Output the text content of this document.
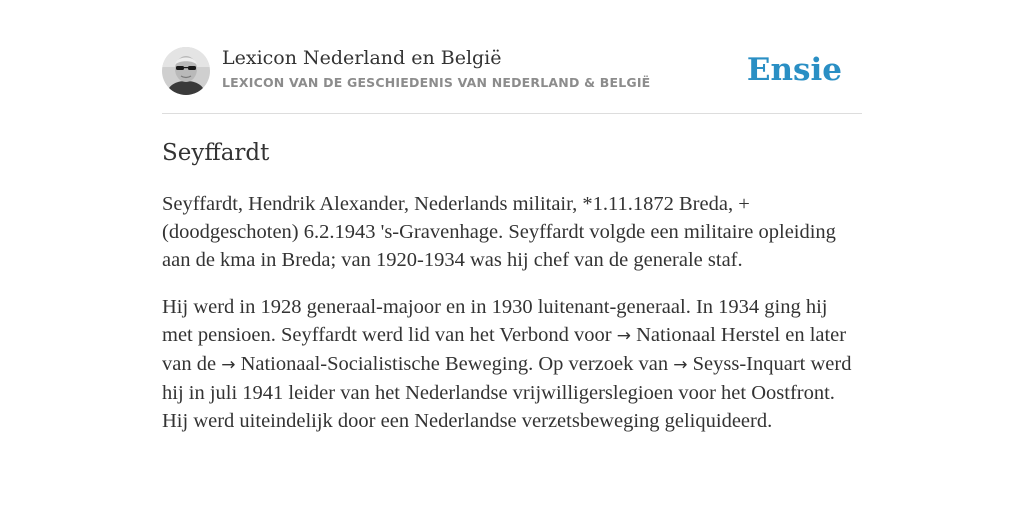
Lexicon Nederland en België
LEXICON VAN DE GESCHIEDENIS VAN NEDERLAND & BELGIË	Ensie
Seyffardt

Seyffardt, Hendrik Alexander, Nederlands militair, *1.11.1872 Breda, + (doodgeschoten) 6.2.1943 's-Gravenhage. Seyffardt volgde een militaire opleiding aan de kma in Breda; van 1920-1934 was hij chef van de generale staf.

Hij werd in 1928 generaal-majoor en in 1930 luitenant-generaal. In 1934 ging hij met pensioen. Seyffardt werd lid van het Verbond voor → Nationaal Herstel en later van de → Nationaal-Socialistische Beweging. Op verzoek van → Seyss-Inquart werd hij in juli 1941 leider van het Nederlandse vrijwilligerslegioen voor het Oostfront. Hij werd uiteindelijk door een Nederlandse verzetsbeweging geliquideerd.
